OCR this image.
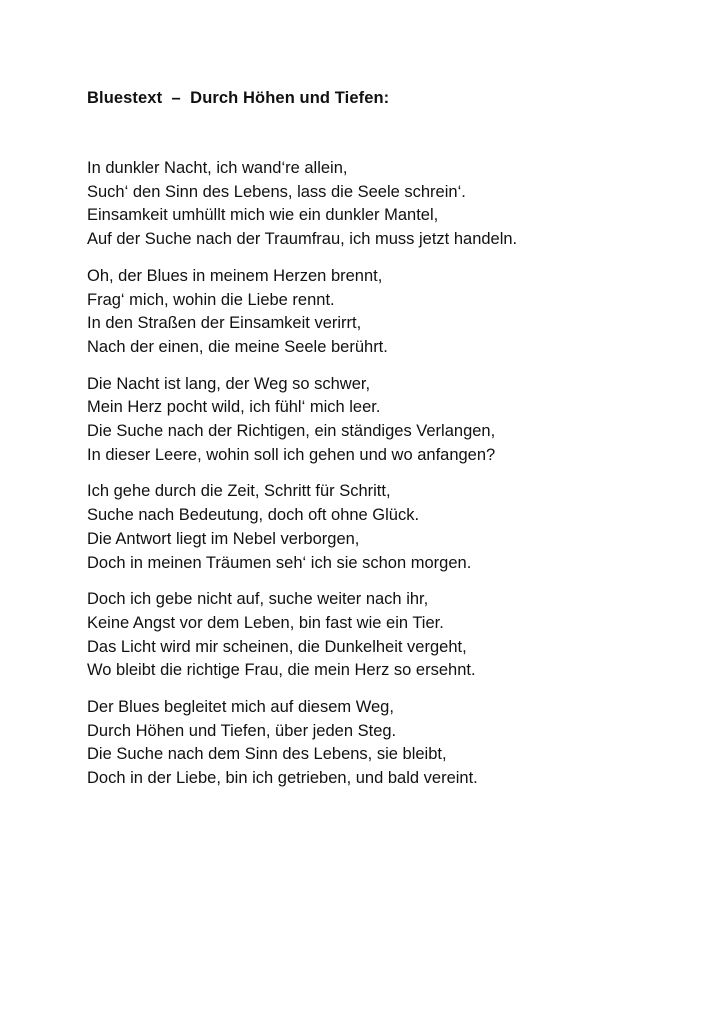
Bluestext  –  Durch Höhen und Tiefen:
In dunkler Nacht, ich wand‘re allein,
Such‘ den Sinn des Lebens, lass die Seele schrein‘.
Einsamkeit umhüllt mich wie ein dunkler Mantel,
Auf der Suche nach der Traumfrau, ich muss jetzt handeln.
Oh, der Blues in meinem Herzen brennt,
Frag‘ mich, wohin die Liebe rennt.
In den Straßen der Einsamkeit verirrt,
Nach der einen, die meine Seele berührt.
Die Nacht ist lang, der Weg so schwer,
Mein Herz pocht wild, ich fühl‘ mich leer.
Die Suche nach der Richtigen, ein ständiges Verlangen,
In dieser Leere, wohin soll ich gehen und wo anfangen?
Ich gehe durch die Zeit, Schritt für Schritt,
Suche nach Bedeutung, doch oft ohne Glück.
Die Antwort liegt im Nebel verborgen,
Doch in meinen Träumen seh‘ ich sie schon morgen.
Doch ich gebe nicht auf, suche weiter nach ihr,
Keine Angst vor dem Leben, bin fast wie ein Tier.
Das Licht wird mir scheinen, die Dunkelheit vergeht,
Wo bleibt die richtige Frau, die mein Herz so ersehnt.
Der Blues begleitet mich auf diesem Weg,
Durch Höhen und Tiefen, über jeden Steg.
Die Suche nach dem Sinn des Lebens, sie bleibt,
Doch in der Liebe, bin ich getrieben, und bald vereint.
